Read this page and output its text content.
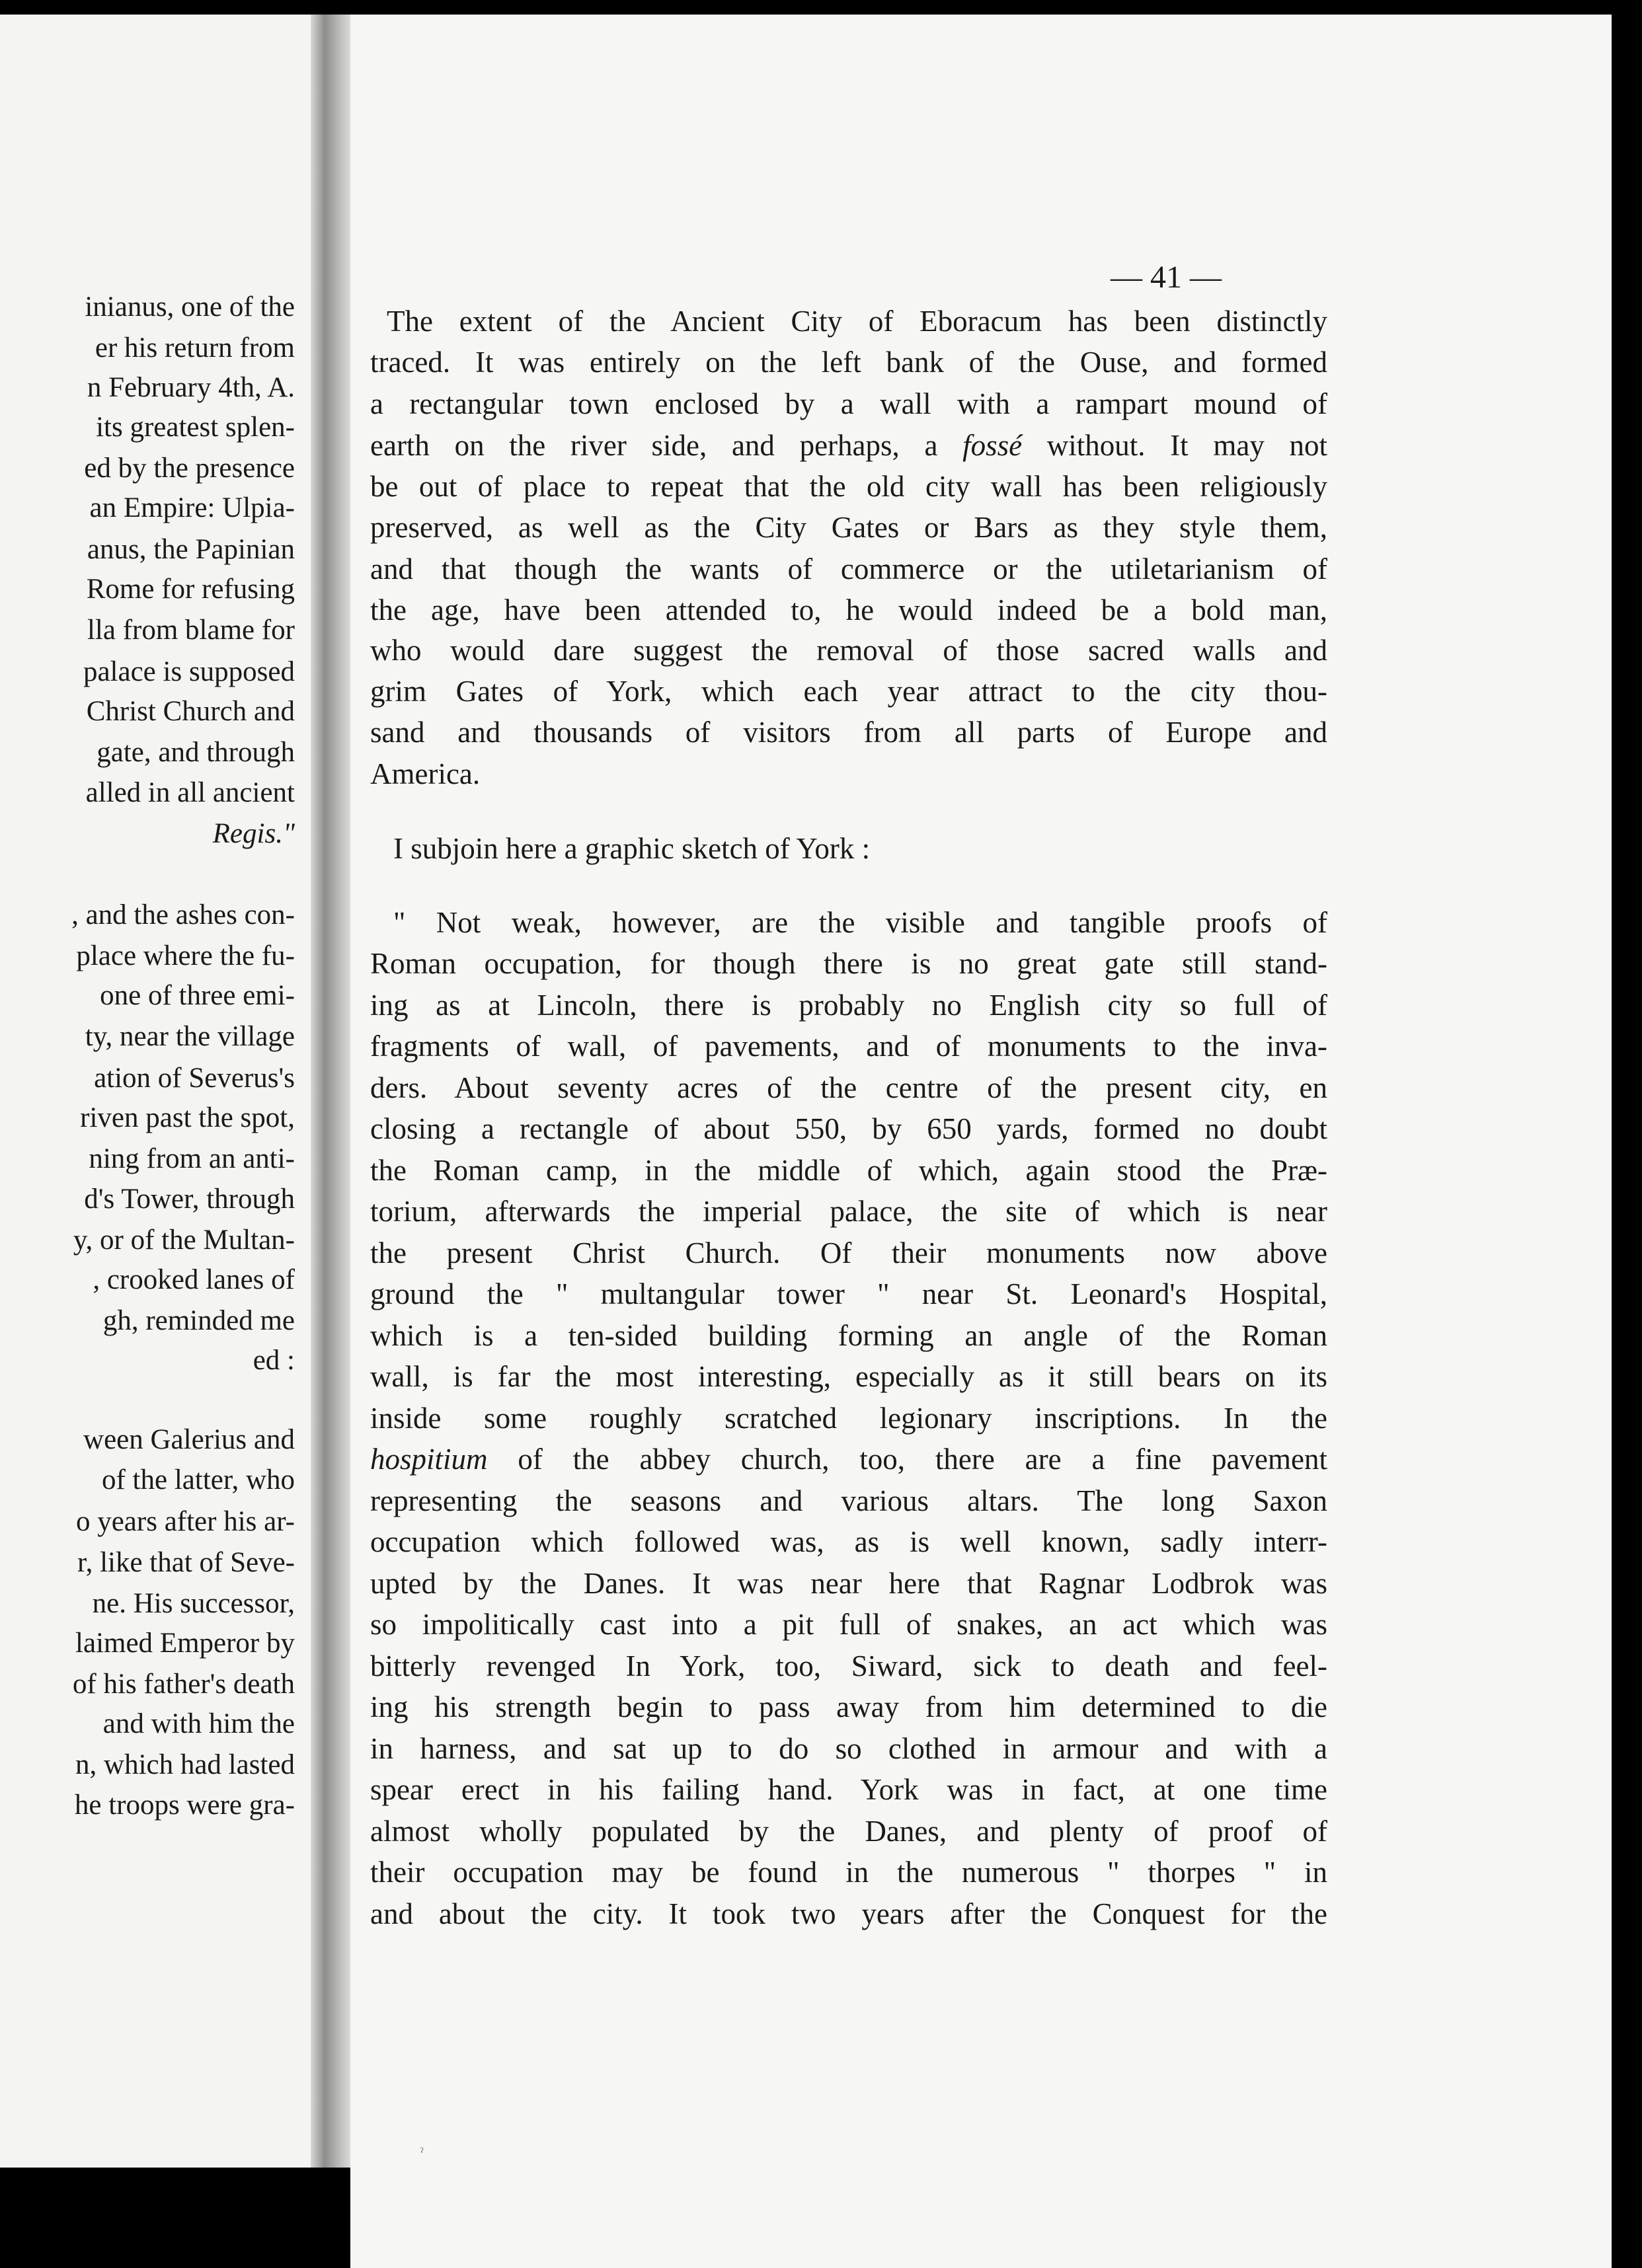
inianus, one of the
er his return from
n February 4th, A.
its greatest splen-
ed by the presence
an Empire: Ulpia-
anus, the Papinian
Rome for refusing
lla from blame for
palace is supposed
Christ Church and
gate, and through
alled in all ancient
Regis."
, and the ashes con-
place where the fu-
one of three emi-
ty, near the village
ation of Severus's
riven past the spot,
ning from an anti-
d's Tower, through
y, or of the Multan-
, crooked lanes of
gh, reminded me
ed :
ween Galerius and
of the latter, who
o years after his ar-
r, like that of Seve-
ne. His successor,
laimed Emperor by
of his father's death
and with him the
n, which had lasted
he troops were gra-
— 41 —
The extent of the Ancient City of Eboracum has been distinctly
traced. It was entirely on the left bank of the Ouse, and formed
a rectangular town enclosed by a wall with a rampart mound of
earth on the river side, and perhaps, a fossé without. It may not
be out of place to repeat that the old city wall has been religiously
preserved, as well as the City Gates or Bars as they style them,
and that though the wants of commerce or the utiletarianism of
the age, have been attended to, he would indeed be a bold man,
who would dare suggest the removal of those sacred walls and
grim Gates of York, which each year attract to the city thou-
sand and thousands of visitors from all parts of Europe and
America.
I subjoin here a graphic sketch of York :
" Not weak, however, are the visible and tangible proofs of
Roman occupation, for though there is no great gate still stand-
ing as at Lincoln, there is probably no English city so full of
fragments of wall, of pavements, and of monuments to the inva-
ders. About seventy acres of the centre of the present city, en
closing a rectangle of about 550, by 650 yards, formed no doubt
the Roman camp, in the middle of which, again stood the Præ-
torium, afterwards the imperial palace, the site of which is near
the present Christ Church. Of their monuments now above
ground the " multangular tower " near St. Leonard's Hospital,
which is a ten-sided building forming an angle of the Roman
wall, is far the most interesting, especially as it still bears on its
inside some roughly scratched legionary inscriptions. In the
hospitium of the abbey church, too, there are a fine pavement
representing the seasons and various altars. The long Saxon
occupation which followed was, as is well known, sadly interr-
upted by the Danes. It was near here that Ragnar Lodbrok was
so impolitically cast into a pit full of snakes, an act which was
bitterly revenged In York, too, Siward, sick to death and feel-
ing his strength begin to pass away from him determined to die
in harness, and sat up to do so clothed in armour and with a
spear erect in his failing hand. York was in fact, at one time
almost wholly populated by the Danes, and plenty of proof of
their occupation may be found in the numerous " thorpes " in
and about the city. It took two years after the Conquest for the
ˀ
